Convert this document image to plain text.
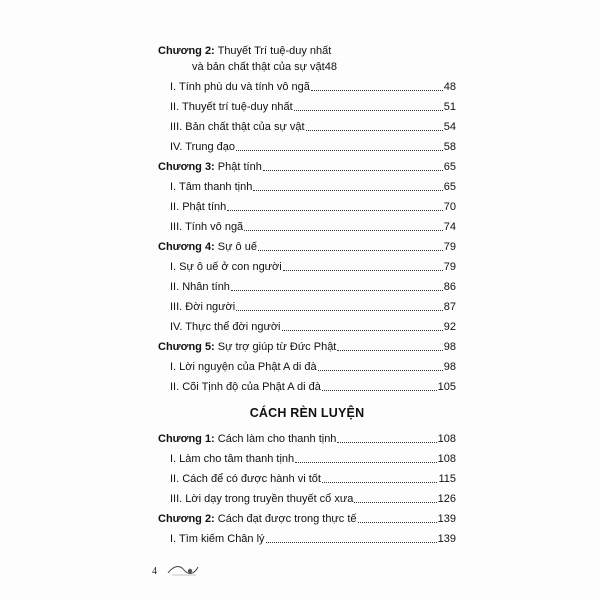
Chương 2: Thuyết Trí tuệ-duy nhất
và bản chất thật của sự vật 48
I. Tính phù du và tính vô ngã	48
II. Thuyết trí tuệ-duy nhất	51
III. Bản chất thật của sự vật	54
IV. Trung đạo	58
Chương 3: Phật tính	65
I. Tâm thanh tịnh	65
II. Phật tính	70
III. Tính vô ngã	74
Chương 4: Sự ô uế	79
I. Sự ô uế ở con người	79
II. Nhân tính	86
III. Đời người	87
IV. Thực thể đời người	92
Chương 5: Sự trợ giúp từ Đức Phật	98
I. Lời nguyện của Phật A di đà	98
II. Cõi Tịnh độ của Phật A di đà	105
CÁCH RÈN LUYỆN
Chương 1: Cách làm cho thanh tịnh	108
I. Làm cho tâm thanh tịnh	108
II. Cách để có được hành vi tốt	115
III. Lời dạy trong truyền thuyết cổ xưa	126
Chương 2: Cách đạt được trong thực tế	139
I. Tìm kiếm Chân lý	139
4
